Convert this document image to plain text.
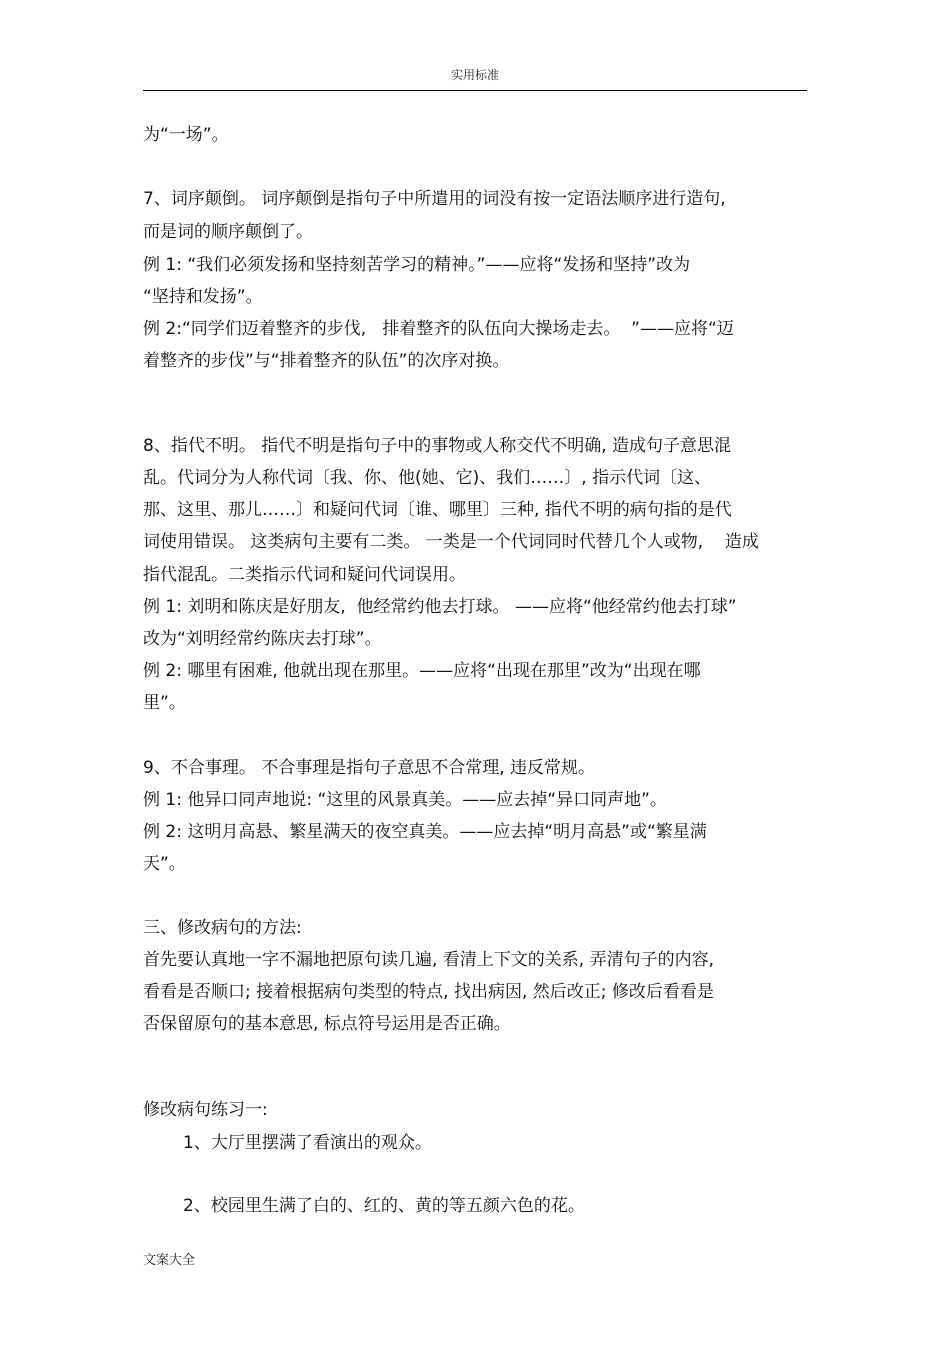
实用标准
为“一场”。
7、词序颠倒。 词序颠倒是指句子中所遣用的词没有按一定语法顺序进行造句,
而是词的顺序颠倒了。
例 1: “我们必须发扬和坚持刻苦学习的精神。”——应将“发扬和坚持”改为
“坚持和发扬”。
例 2:“同学们迈着整齐的步伐,   排着整齐的队伍向大操场走去。  ”——应将“迈
着整齐的步伐”与“排着整齐的队伍”的次序对换。
8、指代不明。 指代不明是指句子中的事物或人称交代不明确, 造成句子意思混
乱。代词分为人称代词〔我、你、他(她、它)、我们……〕, 指示代词〔这、
那、这里、那儿……〕和疑问代词〔谁、哪里〕三种, 指代不明的病句指的是代
词使用错误。 这类病句主要有二类。 一类是一个代词同时代替几个人或物,    造成
指代混乱。二类指示代词和疑问代词误用。
例 1: 刘明和陈庆是好朋友,  他经常约他去打球。 ——应将“他经常约他去打球”
改为“刘明经常约陈庆去打球”。
例 2: 哪里有困难, 他就出现在那里。——应将“出现在那里”改为“出现在哪
里”。
9、不合事理。 不合事理是指句子意思不合常理, 违反常规。
例 1: 他异口同声地说: “这里的风景真美。——应去掉“异口同声地”。
例 2: 这明月高悬、繁星满天的夜空真美。——应去掉“明月高悬”或“繁星满
天”。
三、修改病句的方法:
首先要认真地一字不漏地把原句读几遍, 看清上下文的关系, 弄清句子的内容,
看看是否顺口; 接着根据病句类型的特点, 找出病因, 然后改正; 修改后看看是
否保留原句的基本意思, 标点符号运用是否正确。
修改病句练习一:
1、大厅里摆满了看演出的观众。
2、校园里生满了白的、红的、黄的等五颜六色的花。
文案大全
